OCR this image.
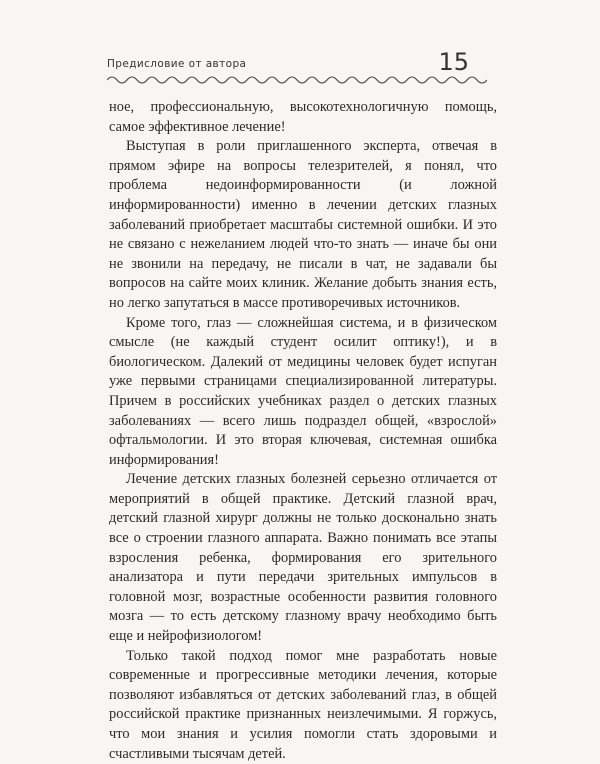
Предисловие от автора	15

ное, профессиональную, высокотехнологичную помощь, самое эффективное лечение!

Выступая в роли приглашенного эксперта, отвечая в прямом эфире на вопросы телезрителей, я понял, что проблема недоинформированности (и ложной информированности) именно в лечении детских глазных заболеваний приобретает масштабы системной ошибки. И это не связано с нежеланием людей что-то знать — иначе бы они не звонили на передачу, не писали в чат, не задавали бы вопросов на сайте моих клиник. Желание добыть знания есть, но легко запутаться в массе противоречивых источников.

Кроме того, глаз — сложнейшая система, и в физическом смысле (не каждый студент осилит оптику!), и в биологическом. Далекий от медицины человек будет испуган уже первыми страницами специализированной литературы. Причем в российских учебниках раздел о детских глазных заболеваниях — всего лишь подраздел общей, «взрослой» офтальмологии. И это вторая ключевая, системная ошибка информирования!

Лечение детских глазных болезней серьезно отличается от мероприятий в общей практике. Детский глазной врач, детский глазной хирург должны не только досконально знать все о строении глазного аппарата. Важно понимать все этапы взросления ребенка, формирования его зрительного анализатора и пути передачи зрительных импульсов в головной мозг, возрастные особенности развития головного мозга — то есть детскому глазному врачу необходимо быть еще и нейрофизиологом!

Только такой подход помог мне разработать новые современные и прогрессивные методики лечения, которые позволяют избавляться от детских заболеваний глаз, в общей российской практике признанных неизлечимыми. Я горжусь, что мои знания и усилия помогли стать здоровыми и счастливыми тысячам детей.
